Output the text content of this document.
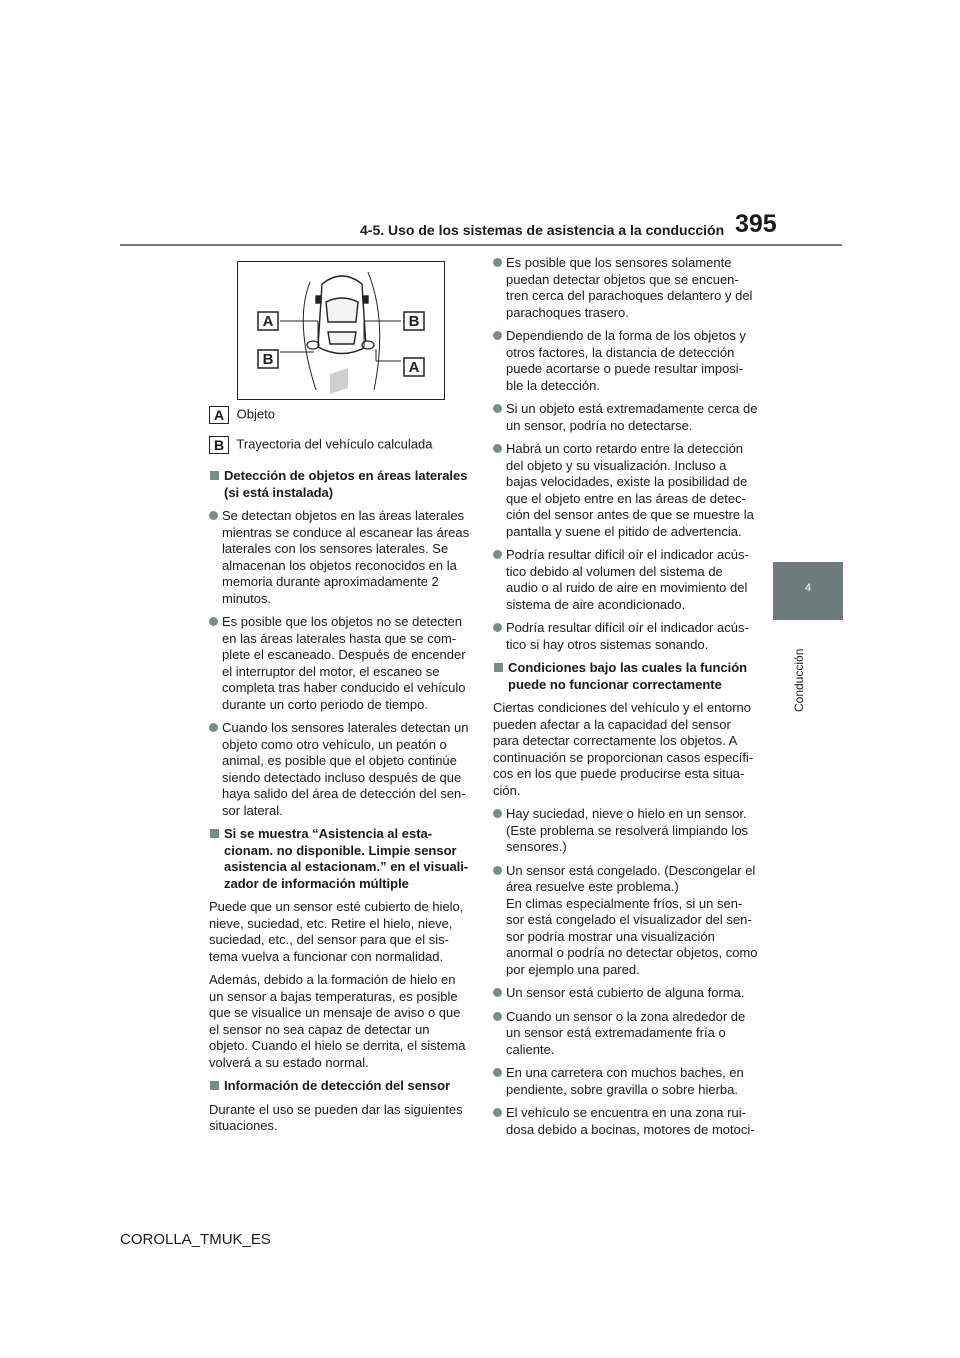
4-5. Uso de los sistemas de asistencia a la conducción 395
4
Conducción
A
B
B
A
A Objeto
B Trayectoria del vehículo calculada
Detección de objetos en áreas laterales (si está instalada)
Se detectan objetos en las áreas laterales mientras se conduce al escanear las áreas laterales con los sensores laterales. Se almacenan los objetos reconocidos en la memoria durante aproximadamente 2 minutos.
Es posible que los objetos no se detecten en las áreas laterales hasta que se com-plete el escaneado. Después de encender el interruptor del motor, el escaneo se completa tras haber conducido el vehículo durante un corto periodo de tiempo.
Cuando los sensores laterales detectan un objeto como otro vehículo, un peatón o animal, es posible que el objeto continúe siendo detectado incluso después de que haya salido del área de detección del sen-sor lateral.
Si se muestra “Asistencia al esta-cionam. no disponible. Limpie sensor asistencia al estacionam.” en el visuali-zador de información múltiple
Puede que un sensor esté cubierto de hielo, nieve, suciedad, etc. Retire el hielo, nieve, suciedad, etc., del sensor para que el sis-tema vuelva a funcionar con normalidad.
Además, debido a la formación de hielo en un sensor a bajas temperaturas, es posible que se visualice un mensaje de aviso o que el sensor no sea capaz de detectar un objeto. Cuando el hielo se derrita, el sistema volverá a su estado normal.
Información de detección del sensor
Durante el uso se pueden dar las siguientes situaciones.
Es posible que los sensores solamente puedan detectar objetos que se encuen-tren cerca del parachoques delantero y del parachoques trasero.
Dependiendo de la forma de los objetos y otros factores, la distancia de detección puede acortarse o puede resultar imposi-ble la detección.
Si un objeto está extremadamente cerca de un sensor, podría no detectarse.
Habrá un corto retardo entre la detección del objeto y su visualización. Incluso a bajas velocidades, existe la posibilidad de que el objeto entre en las áreas de detec-ción del sensor antes de que se muestre la pantalla y suene el pitido de advertencia.
Podría resultar difícil oír el indicador acús-tico debido al volumen del sistema de audio o al ruido de aire en movimiento del sistema de aire acondicionado.
Podría resultar difícil oír el indicador acús-tico si hay otros sistemas sonando.
Condiciones bajo las cuales la función puede no funcionar correctamente
Ciertas condiciones del vehículo y el entorno pueden afectar a la capacidad del sensor para detectar correctamente los objetos. A continuación se proporcionan casos específi-cos en los que puede producirse esta situa-ción.
Hay suciedad, nieve o hielo en un sensor. (Este problema se resolverá limpiando los sensores.)
Un sensor está congelado. (Descongelar el área resuelve este problema.)
En climas especialmente fríos, si un sen-sor está congelado el visualizador del sen-sor podría mostrar una visualización anormal o podría no detectar objetos, como por ejemplo una pared.
Un sensor está cubierto de alguna forma.
Cuando un sensor o la zona alrededor de un sensor está extremadamente fría o caliente.
En una carretera con muchos baches, en pendiente, sobre gravilla o sobre hierba.
El vehículo se encuentra en una zona rui-dosa debido a bocinas, motores de motoci-
COROLLA_TMUK_ES
